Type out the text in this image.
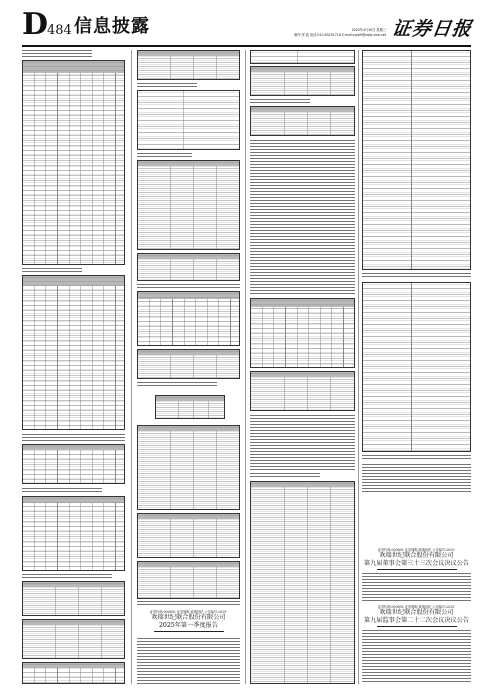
D
484 信息披露	2025年4月30日 星期三
制作:李 波 电话:010-83251716 E-mail:zqrb9@zqrb.sina.net 证券日报
证券代码:000892 证券简称:欢瑞世纪 公告编号:2025-
欢瑞世纪联合股份有限公司
2025年第一季度报告
证券代码:000892 证券简称:欢瑞世纪 公告编号:2025-
欢瑞世纪联合股份有限公司
第九届董事会第三十三次会议决议公告
证券代码:000892 证券简称:欢瑞世纪 公告编号:2025-
欢瑞世纪联合股份有限公司
第九届监事会第二十二次会议决议公告
